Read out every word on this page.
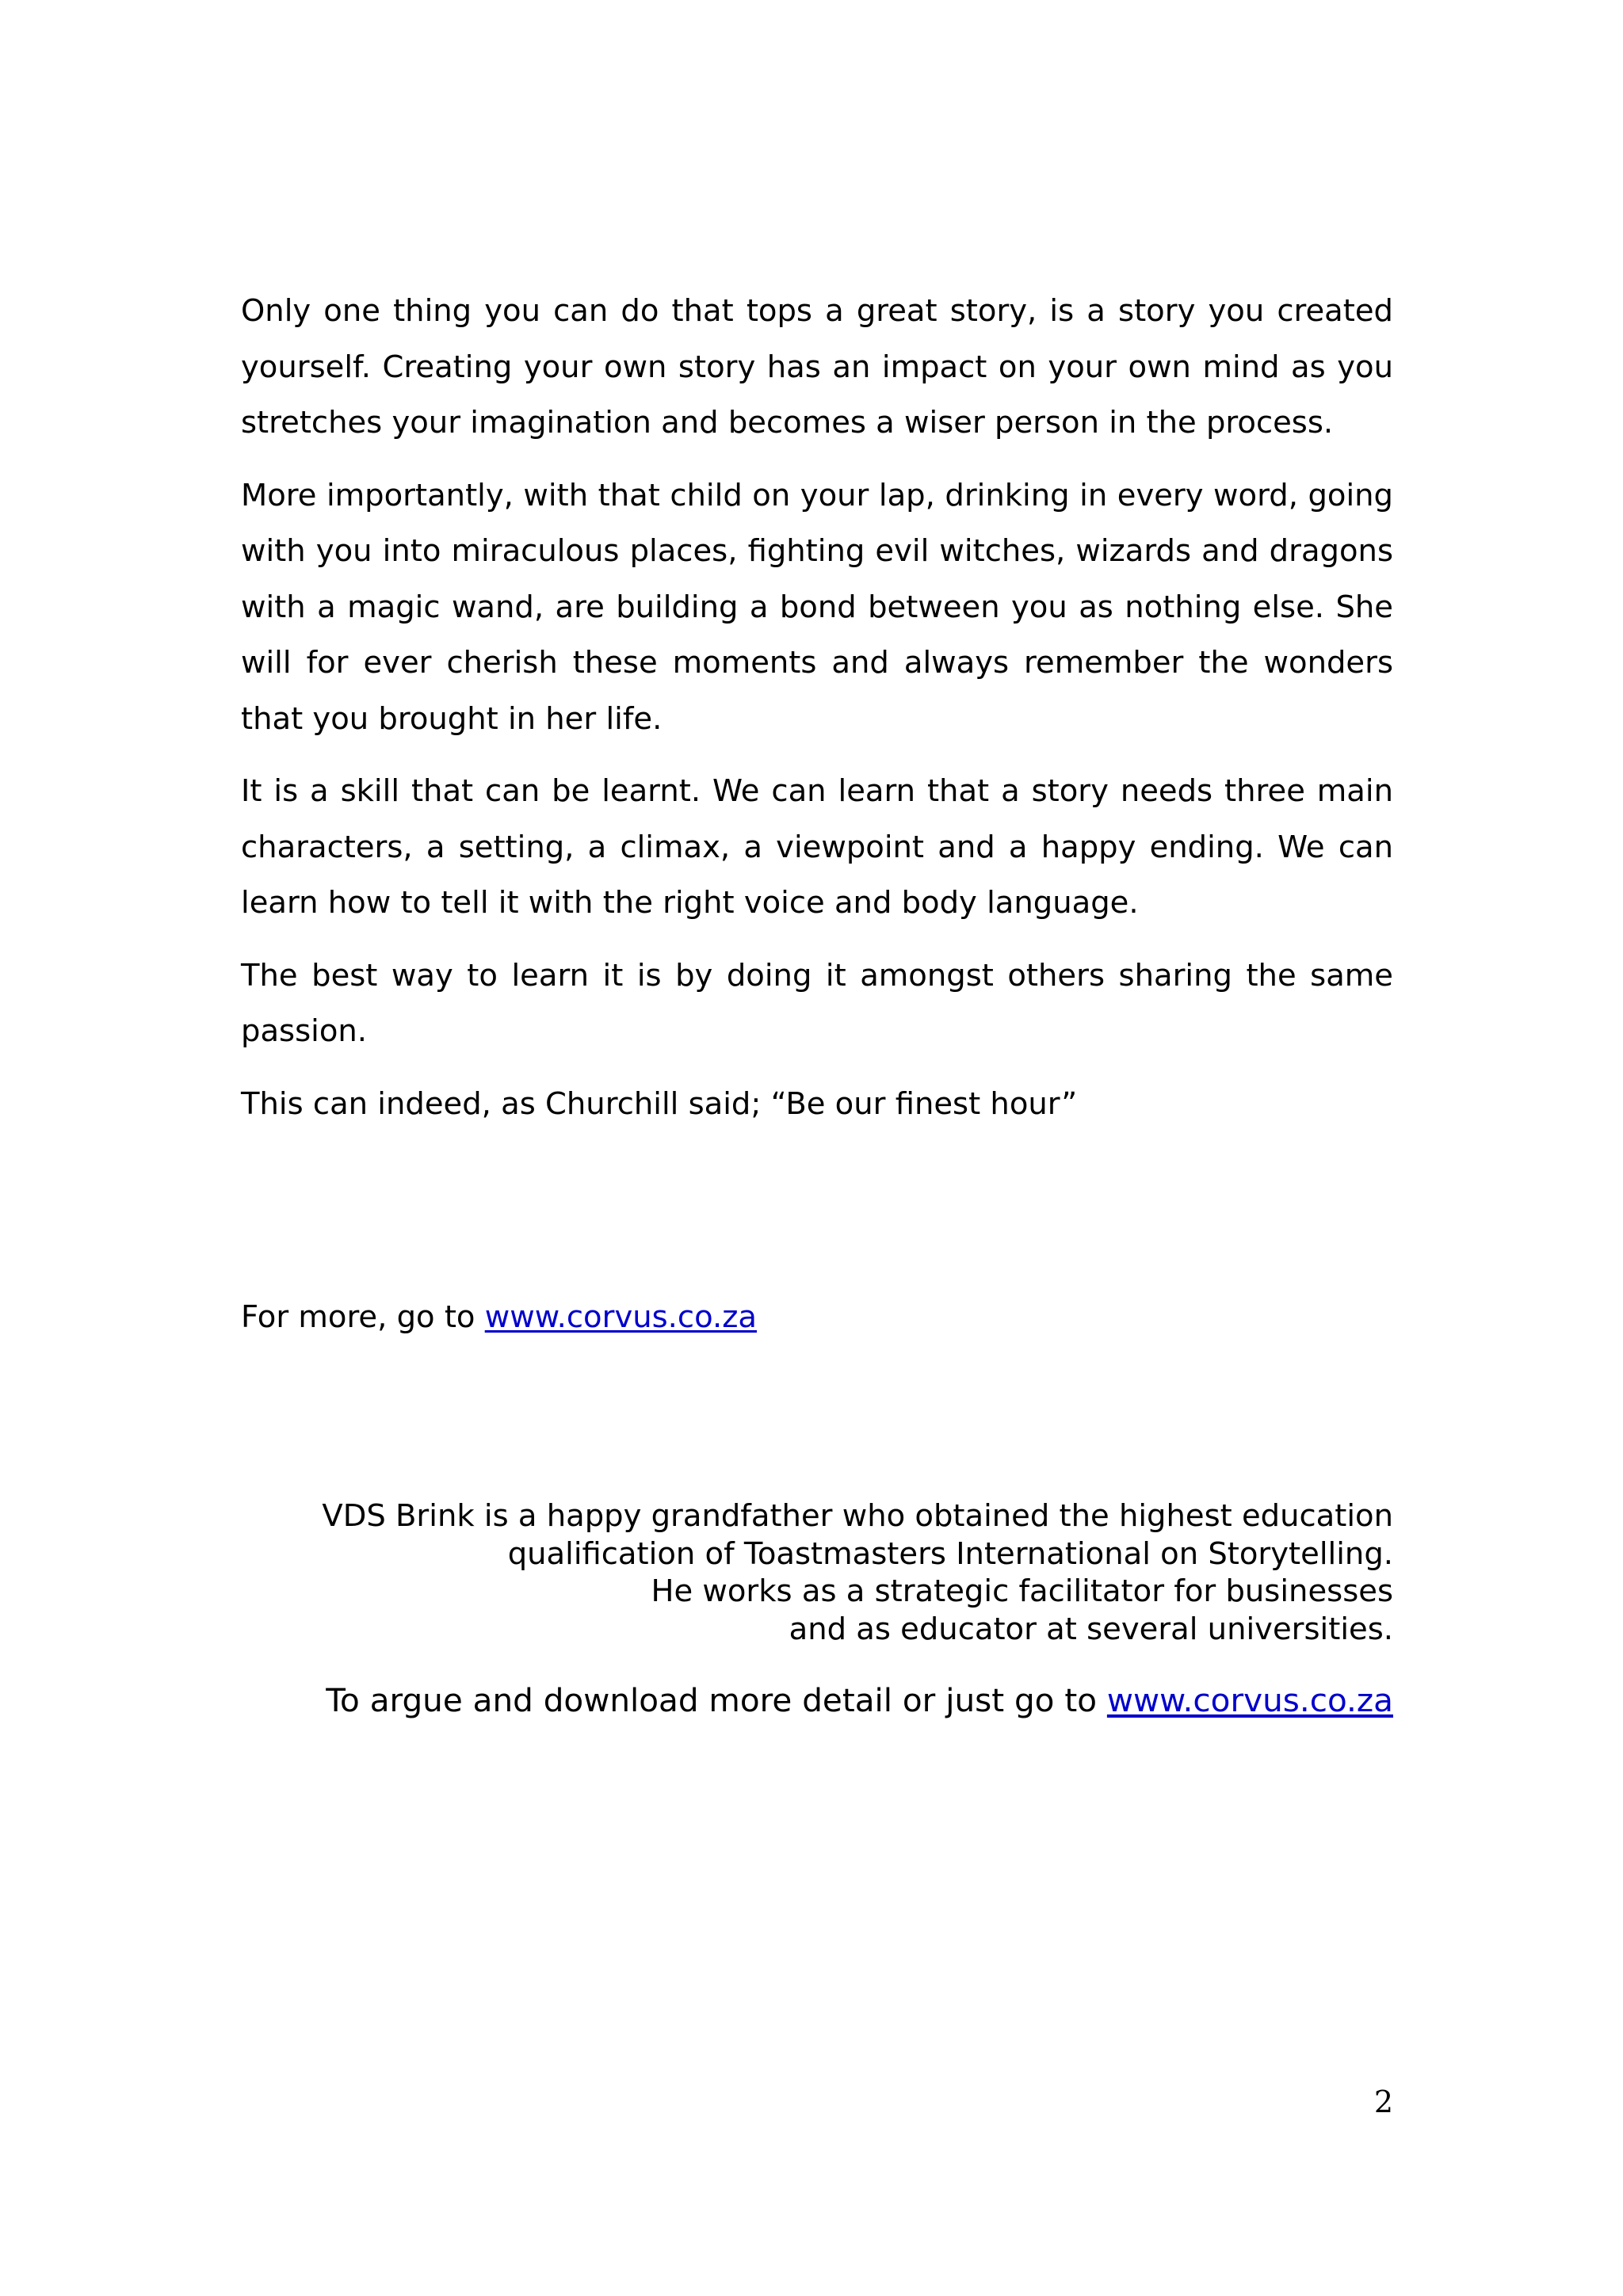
Only one thing you can do that tops a great story, is a story you created yourself. Creating your own story has an impact on your own mind as you stretches your imagination and becomes a wiser person in the process.

More importantly, with that child on your lap, drinking in every word, going with you into miraculous places, fighting evil witches, wizards and dragons with a magic wand, are building a bond between you as nothing else. She will for ever cherish these moments and always remember the wonders that you brought in her life.

It is a skill that can be learnt. We can learn that a story needs three main characters, a setting, a climax, a viewpoint and a happy ending. We can learn how to tell it with the right voice and body language.

The best way to learn it is by doing it amongst others sharing the same passion.

This can indeed, as Churchill said; “Be our finest hour”

For more, go to www.corvus.co.za
VDS Brink is a happy grandfather who obtained the highest education
qualification of Toastmasters International on Storytelling.
He works as a strategic facilitator for businesses
and as educator at several universities.
To argue and download more detail or just go to www.corvus.co.za
2
